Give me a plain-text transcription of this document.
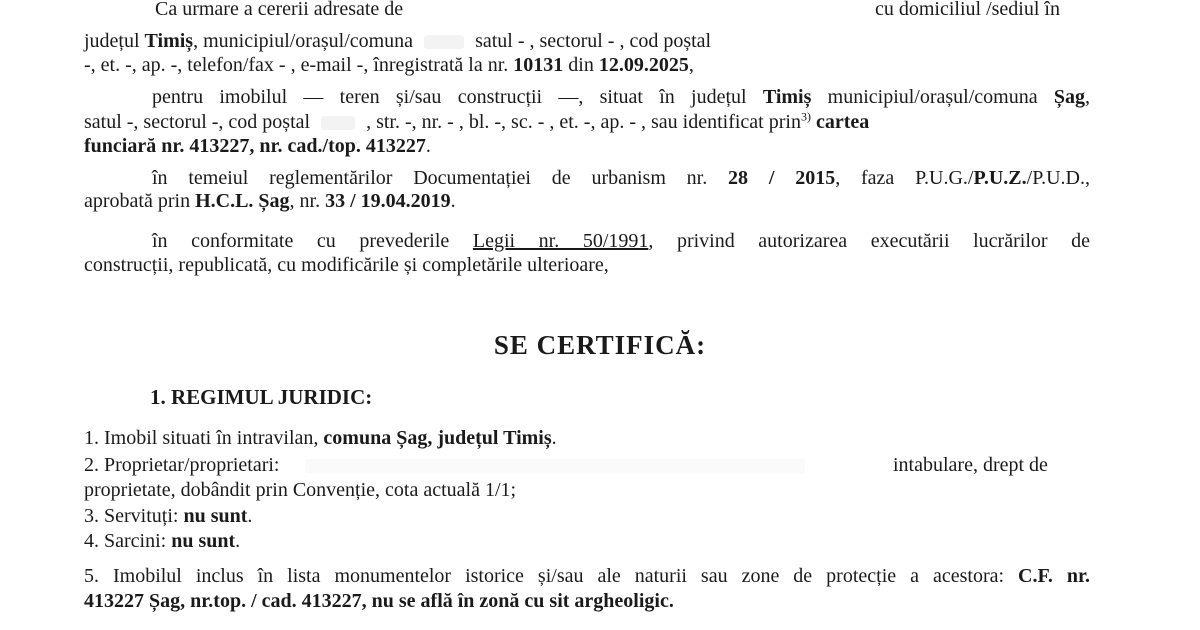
Ca urmare a cererii adresate de	cu domiciliul /sediul în
județul Timiș, municipiul/orașul/comuna	satul - , sectorul - , cod poștal
-, et. -, ap. -, telefon/fax - , e-mail -, înregistrată la nr. 10131 din 12.09.2025,
pentru imobilul — teren și/sau construcții —, situat în județul Timiș municipiul/orașul/comuna Șag,
satul -, sectorul -, cod poștal	, str. -, nr. - , bl. -, sc. - , et. -, ap. - , sau identificat prin$^{3)}$ cartea
funciară nr. 413227, nr. cad./top. 413227.
în temeiul reglementărilor Documentației de urbanism nr. 28 / 2015, faza P.U.G./P.U.Z./P.U.D.,
aprobată prin H.C.L. Șag, nr. 33 / 19.04.2019.
în conformitate cu prevederile Legii nr. 50/1991, privind autorizarea executării lucrărilor de
construcții, republicată, cu modificările și completările ulterioare,
SE CERTIFICĂ:
1. REGIMUL JURIDIC:
1. Imobil situati în intravilan, comuna Șag, județul Timiș.
2. Proprietar/proprietari:	intabulare, drept de
proprietate, dobândit prin Convenție, cota actuală 1/1;
3. Servituți: nu sunt.
4. Sarcini: nu sunt.
5. Imobilul inclus în lista monumentelor istorice și/sau ale naturii sau zone de protecție a acestora: C.F. nr.
413227 Șag, nr.top. / cad. 413227, nu se află în zonă cu sit argheoligic.
